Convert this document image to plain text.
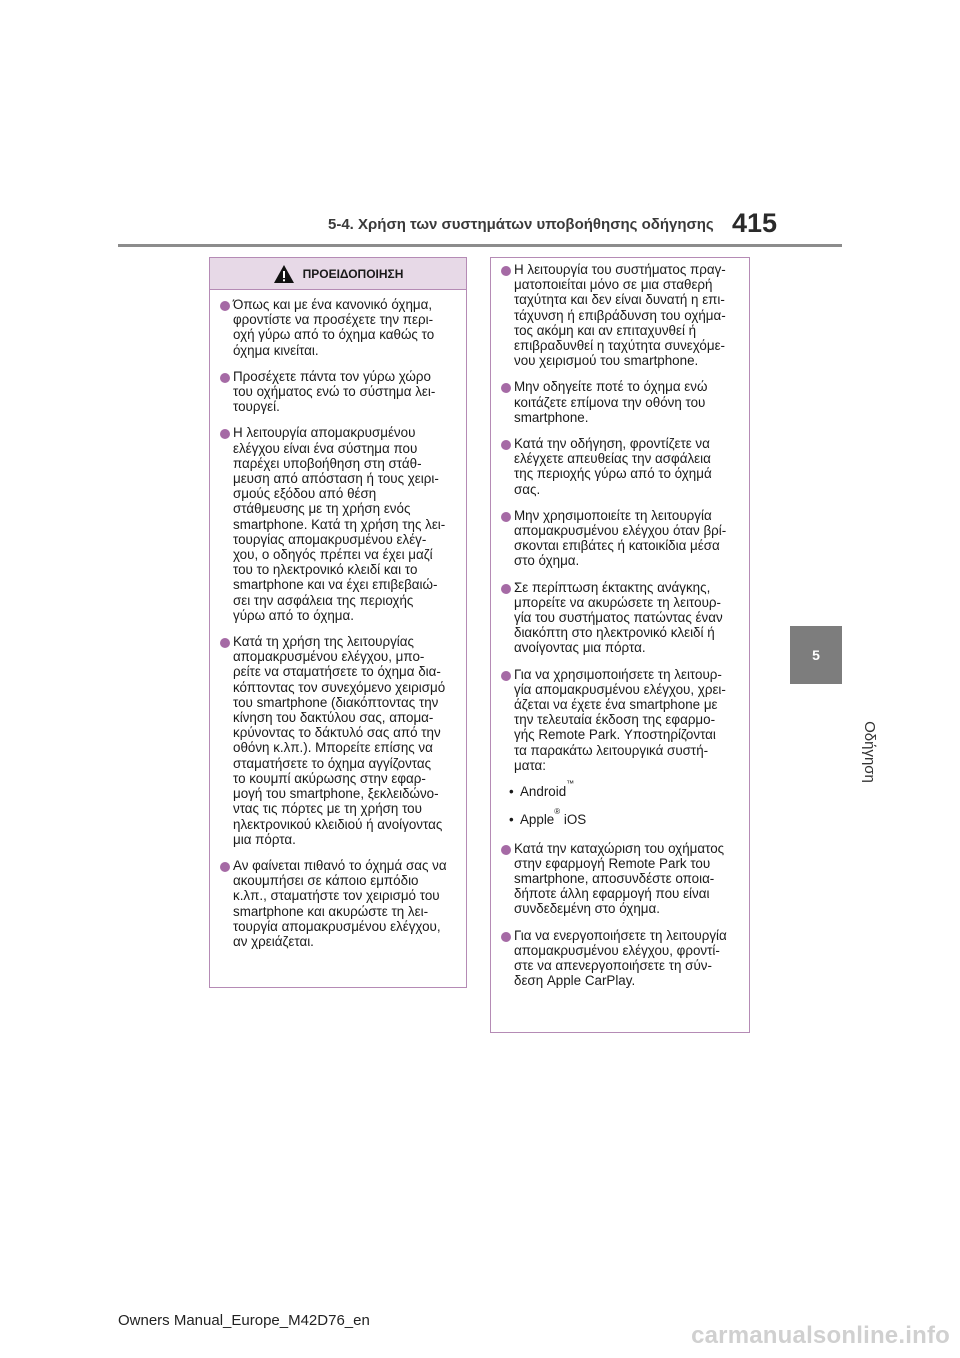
5-4. Χρήση των συστημάτων υποβοήθησης οδήγησης 415
5
Οδήγηση
ΠΡΟΕΙΔΟΠΟΙΗΣΗ
Όπως και με ένα κανονικό όχημα,
φροντίστε να προσέχετε την περι-
οχή γύρω από το όχημα καθώς το
όχημα κινείται.
Προσέχετε πάντα τον γύρω χώρο
του οχήματος ενώ το σύστημα λει-
τουργεί.
Η λειτουργία απομακρυσμένου
ελέγχου είναι ένα σύστημα που
παρέχει υποβοήθηση στη στάθ-
μευση από απόσταση ή τους χειρι-
σμούς εξόδου από θέση
στάθμευσης με τη χρήση ενός
smartphone. Κατά τη χρήση της λει-
τουργίας απομακρυσμένου ελέγ-
χου, ο οδηγός πρέπει να έχει μαζί
του το ηλεκτρονικό κλειδί και το
smartphone και να έχει επιβεβαιώ-
σει την ασφάλεια της περιοχής
γύρω από το όχημα.
Κατά τη χρήση της λειτουργίας
απομακρυσμένου ελέγχου, μπο-
ρείτε να σταματήσετε το όχημα δια-
κόπτοντας τον συνεχόμενο χειρισμό
του smartphone (διακόπτοντας την
κίνηση του δακτύλου σας, απομα-
κρύνοντας το δάκτυλό σας από την
οθόνη κ.λπ.). Μπορείτε επίσης να
σταματήσετε το όχημα αγγίζοντας
το κουμπί ακύρωσης στην εφαρ-
μογή του smartphone, ξεκλειδώνο-
ντας τις πόρτες με τη χρήση του
ηλεκτρονικού κλειδιού ή ανοίγοντας
μια πόρτα.
Αν φαίνεται πιθανό το όχημά σας να
ακουμπήσει σε κάποιο εμπόδιο
κ.λπ., σταματήστε τον χειρισμό του
smartphone και ακυρώστε τη λει-
τουργία απομακρυσμένου ελέγχου,
αν χρειάζεται.
Η λειτουργία του συστήματος πραγ-
ματοποιείται μόνο σε μια σταθερή
ταχύτητα και δεν είναι δυνατή η επι-
τάχυνση ή επιβράδυνση του οχήμα-
τος ακόμη και αν επιταχυνθεί ή
επιβραδυνθεί η ταχύτητα συνεχόμε-
νου χειρισμού του smartphone.
Μην οδηγείτε ποτέ το όχημα ενώ
κοιτάζετε επίμονα την οθόνη του
smartphone.
Κατά την οδήγηση, φροντίζετε να
ελέγχετε απευθείας την ασφάλεια
της περιοχής γύρω από το όχημά
σας.
Μην χρησιμοποιείτε τη λειτουργία
απομακρυσμένου ελέγχου όταν βρί-
σκονται επιβάτες ή κατοικίδια μέσα
στο όχημα.
Σε περίπτωση έκτακτης ανάγκης,
μπορείτε να ακυρώσετε τη λειτουρ-
γία του συστήματος πατώντας έναν
διακόπτη στο ηλεκτρονικό κλειδί ή
ανοίγοντας μια πόρτα.
Για να χρησιμοποιήσετε τη λειτουρ-
γία απομακρυσμένου ελέγχου, χρει-
άζεται να έχετε ένα smartphone με
την τελευταία έκδοση της εφαρμο-
γής Remote Park. Υποστηρίζονται
τα παρακάτω λειτουργικά συστή-
ματα:
• Android
™
• Apple
®
iOS
Κατά την καταχώριση του οχήματος
στην εφαρμογή Remote Park του
smartphone, αποσυνδέστε οποια-
δήποτε άλλη εφαρμογή που είναι
συνδεδεμένη στο όχημα.
Για να ενεργοποιήσετε τη λειτουργία
απομακρυσμένου ελέγχου, φροντί-
στε να απενεργοποιήσετε τη σύν-
δεση Apple CarPlay.
Owners Manual_Europe_M42D76_en
carmanualsonline.info
